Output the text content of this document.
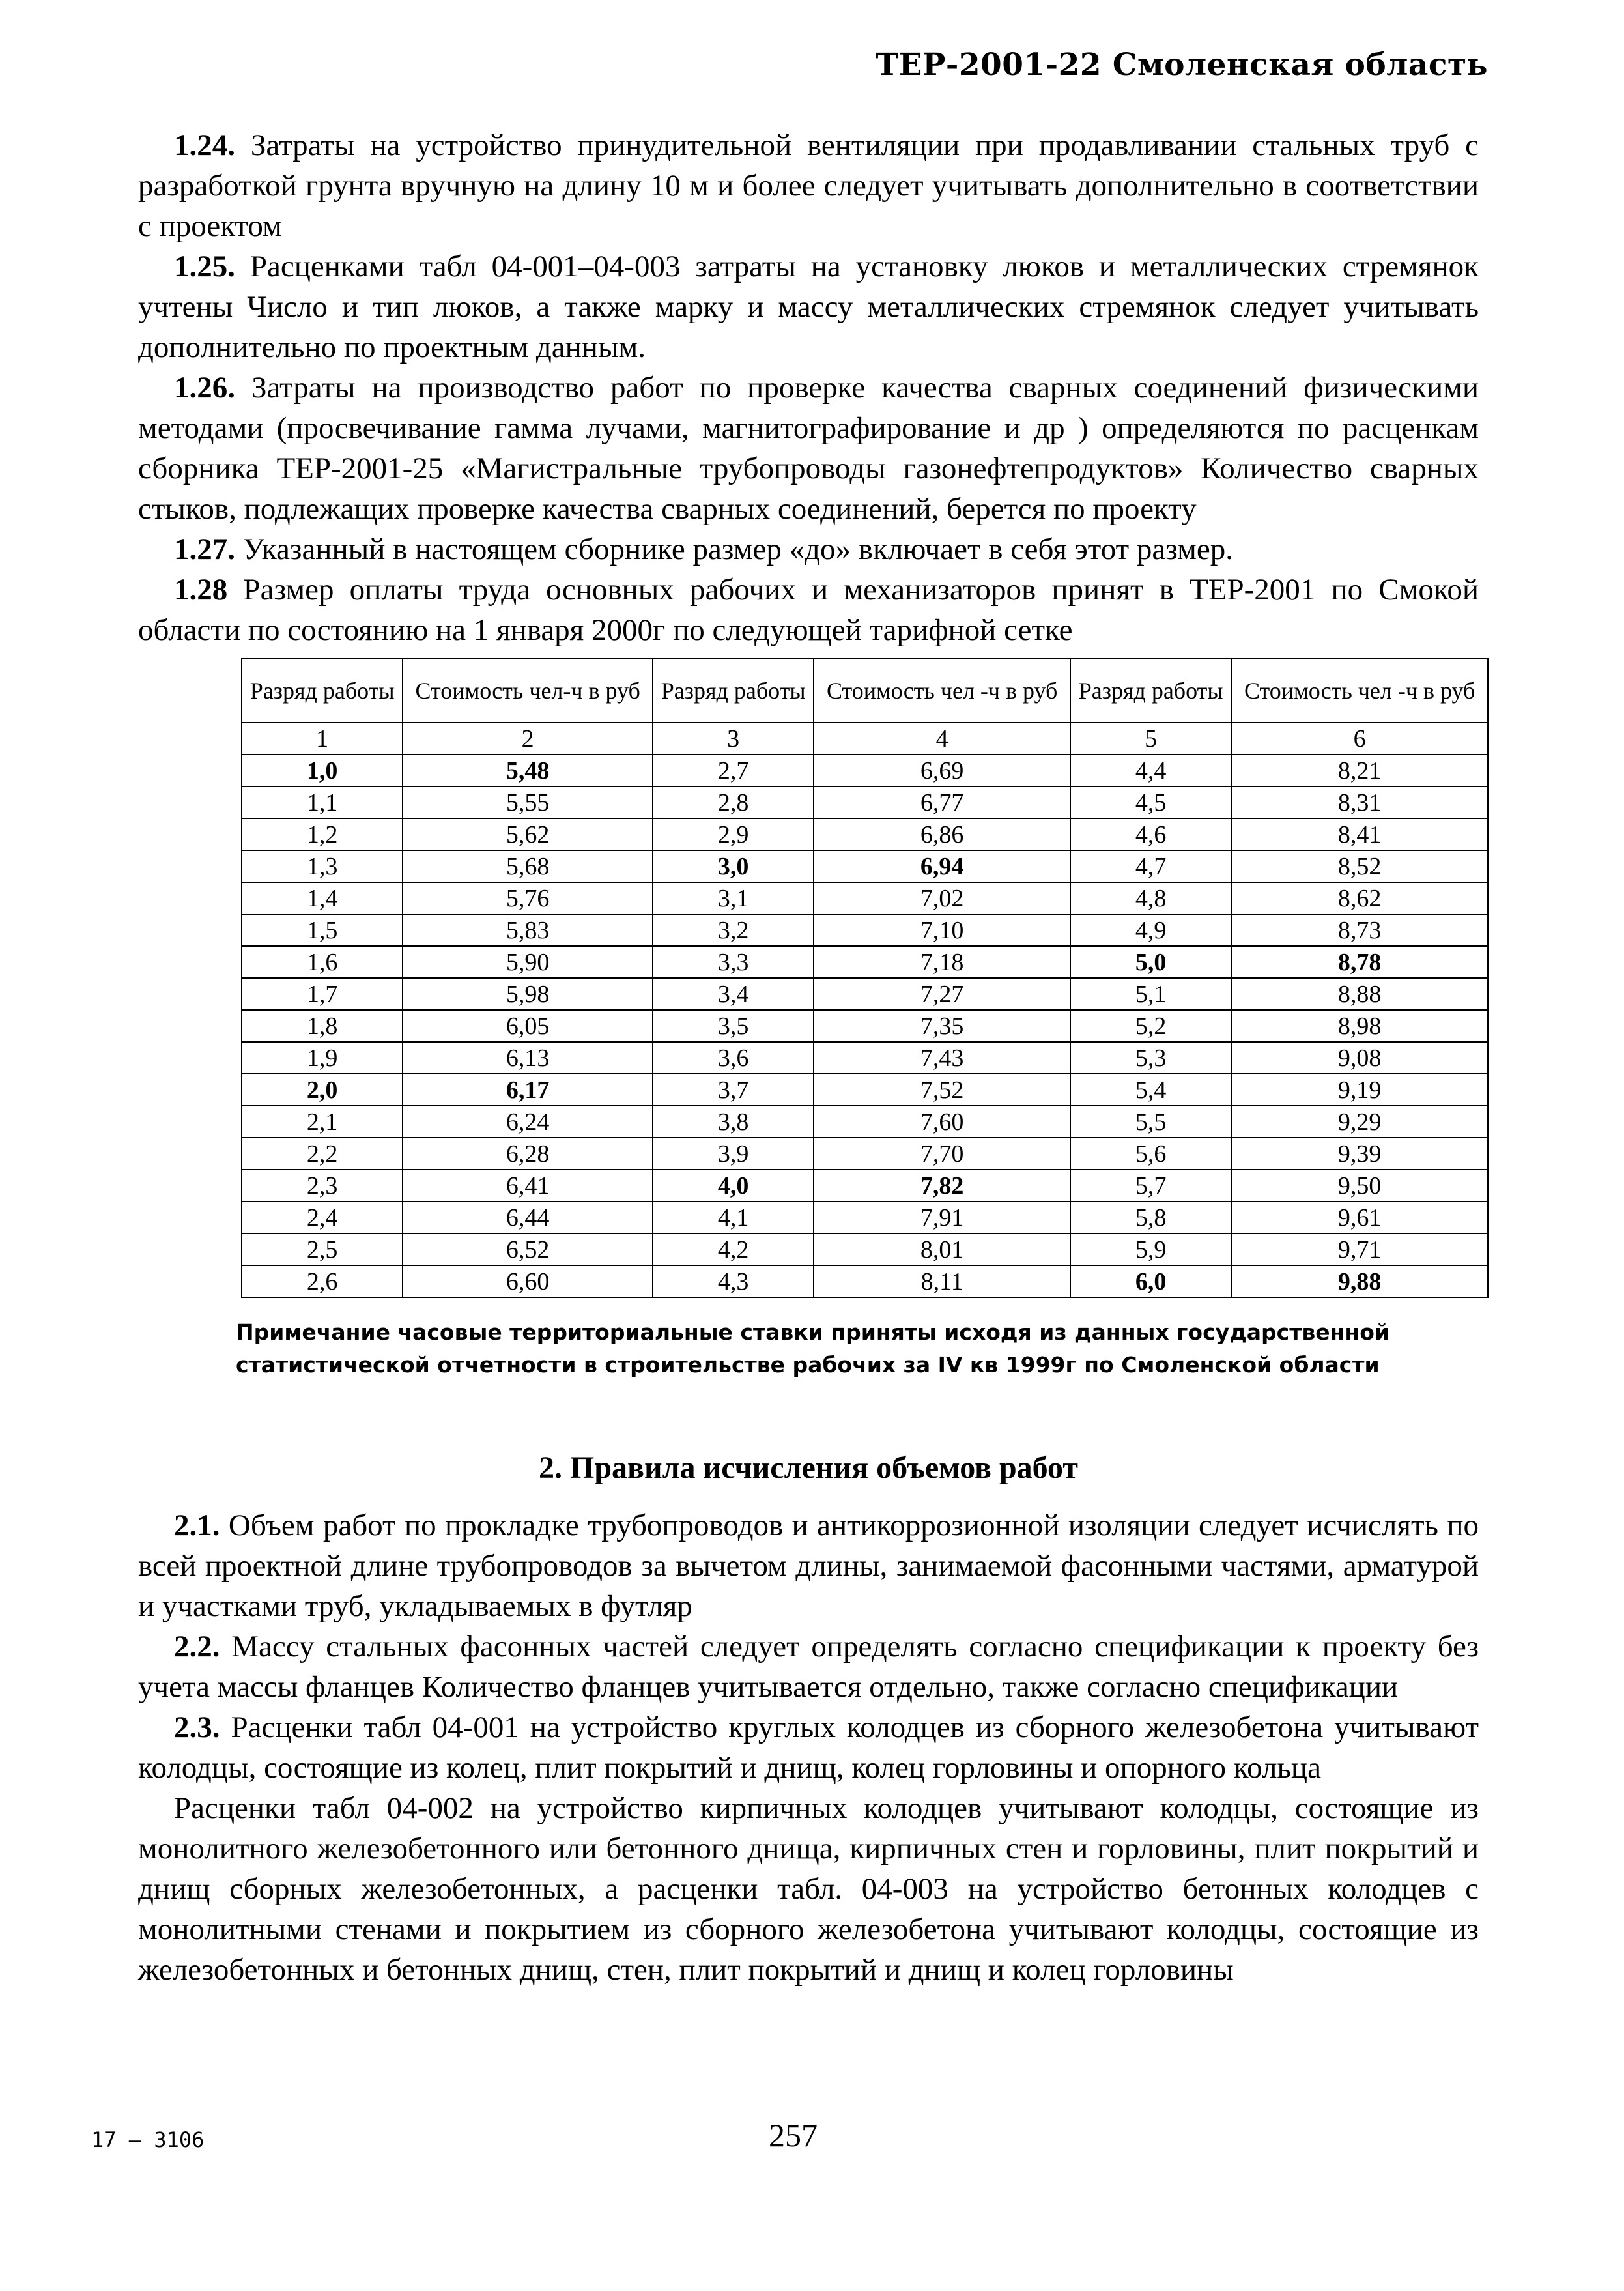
ТЕР-2001-22 Смоленская область

1.24. Затраты на устройство принудительной вентиляции при продавливании стальных труб с разработкой грунта вручную на длину 10 м и более следует учитывать дополнительно в соответствии с проектом

1.25. Расценками табл 04-001–04-003 затраты на установку люков и металлических стремянок учтены Число и тип люков, а также марку и массу металлических стремянок следует учитывать дополнительно по проектным данным.

1.26. Затраты на производство работ по проверке качества сварных соединений физическими методами (просвечивание гамма лучами, магнитографирование и др ) определяются по расценкам сборника ТЕР-2001-25 «Магистральные трубопроводы газонефтепродуктов» Количество сварных стыков, подлежащих проверке качества сварных соединений, берется по проекту

1.27. Указанный в настоящем сборнике размер «до» включает в себя этот размер.

1.28 Размер оплаты труда основных рабочих и механизаторов принят в ТЕР-2001 по Смокой области по состоянию на 1 января 2000г по следующей тарифной сетке

Разряд работы	Стоимость чел-ч в руб	Разряд работы	Стоимость чел -ч в руб	Разряд работы	Стоимость чел -ч в руб
1	2	3	4	5	6
1,0	5,48	2,7	6,69	4,4	8,21
1,1	5,55	2,8	6,77	4,5	8,31
1,2	5,62	2,9	6,86	4,6	8,41
1,3	5,68	3,0	6,94	4,7	8,52
1,4	5,76	3,1	7,02	4,8	8,62
1,5	5,83	3,2	7,10	4,9	8,73
1,6	5,90	3,3	7,18	5,0	8,78
1,7	5,98	3,4	7,27	5,1	8,88
1,8	6,05	3,5	7,35	5,2	8,98
1,9	6,13	3,6	7,43	5,3	9,08
2,0	6,17	3,7	7,52	5,4	9,19
2,1	6,24	3,8	7,60	5,5	9,29
2,2	6,28	3,9	7,70	5,6	9,39
2,3	6,41	4,0	7,82	5,7	9,50
2,4	6,44	4,1	7,91	5,8	9,61
2,5	6,52	4,2	8,01	5,9	9,71
2,6	6,60	4,3	8,11	6,0	9,88
Примечание часовые территориальные ставки приняты исходя из данных государственной статистической отчетности в строительстве рабочих за IV кв 1999г по Смоленской области
2. Правила исчисления объемов работ

2.1. Объем работ по прокладке трубопроводов и антикоррозионной изоляции следует исчислять по всей проектной длине трубопроводов за вычетом длины, занимаемой фасонными частями, арматурой и участками труб, укладываемых в футляр

2.2. Массу стальных фасонных частей следует определять согласно спецификации к проекту без учета массы фланцев Количество фланцев учитывается отдельно, также согласно спецификации

2.3. Расценки табл 04-001 на устройство круглых колодцев из сборного железобетона учитывают колодцы, состоящие из колец, плит покрытий и днищ, колец горловины и опорного кольца

Расценки табл 04-002 на устройство кирпичных колодцев учитывают колодцы, состоящие из монолитного железобетонного или бетонного днища, кирпичных стен и горловины, плит покрытий и днищ сборных железобетонных, а расценки табл. 04-003 на устройство бетонных колодцев с монолитными стенами и покрытием из сборного железобетона учитывают колодцы, состоящие из железобетонных и бетонных днищ, стен, плит покрытий и днищ и колец горловины

17 – 3106	257
